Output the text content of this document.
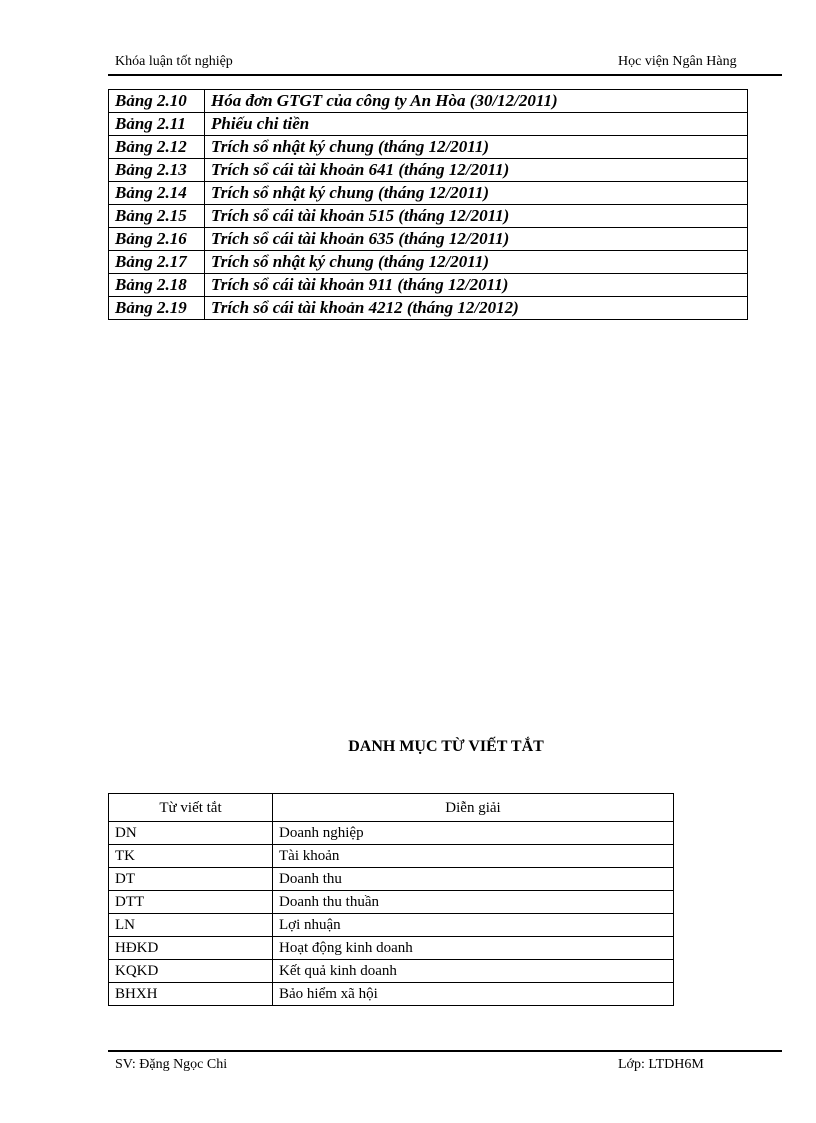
Khóa luận tốt nghiệp	Học viện Ngân Hàng
Bảng 2.10	Hóa đơn GTGT của công ty An Hòa (30/12/2011)
Bảng 2.11	Phiếu chi tiền
Bảng 2.12	Trích sổ nhật ký chung (tháng 12/2011)
Bảng 2.13	Trích sổ cái tài khoản 641 (tháng 12/2011)
Bảng 2.14	Trích sổ nhật ký chung (tháng 12/2011)
Bảng 2.15	Trích sổ cái tài khoản 515 (tháng 12/2011)
Bảng 2.16	Trích sổ cái tài khoản 635 (tháng 12/2011)
Bảng 2.17	Trích sổ nhật ký chung (tháng 12/2011)
Bảng 2.18	Trích sổ cái tài khoản 911 (tháng 12/2011)
Bảng 2.19	Trích sổ cái tài khoản 4212 (tháng 12/2012)
DANH MỤC TỪ VIẾT TẮT
Từ viết tắt	Diễn giải
DN	Doanh nghiệp
TK	Tài khoản
DT	Doanh thu
DTT	Doanh thu thuần
LN	Lợi nhuận
HĐKD	Hoạt động kinh doanh
KQKD	Kết quả kinh doanh
BHXH	Bảo hiểm xã hội
SV: Đặng Ngọc Chi	Lớp: LTDH6M
